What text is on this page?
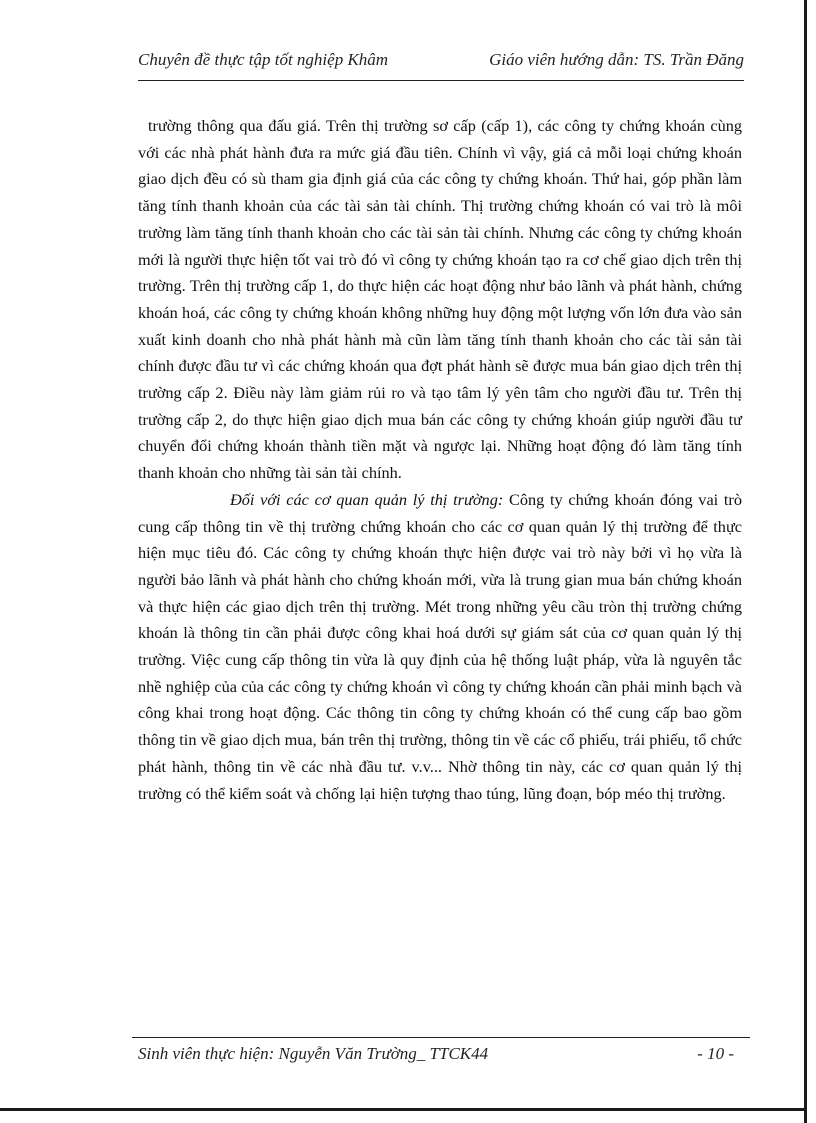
Chuyên đề thực tập tốt nghiệp Khâm	Giáo viên hướng dẫn: TS. Trần Đăng

trường thông qua đấu giá. Trên thị trường sơ cấp (cấp 1), các công ty chứng khoán cùng với các nhà phát hành đưa ra mức giá đầu tiên. Chính vì vậy, giá cả mỗi loại chứng khoán giao dịch đều có sù tham gia định giá của các công ty chứng khoán. Thứ hai, góp phần làm tăng tính thanh khoản của các tài sản tài chính. Thị trường chứng khoán có vai trò là môi trường làm tăng tính thanh khoản cho các tài sản tài chính. Nhưng các công ty chứng khoán mới là người thực hiện tốt vai trò đó vì công ty chứng khoán tạo ra cơ chế giao dịch trên thị trường. Trên thị trường cấp 1, do thực hiện các hoạt động như bảo lãnh và phát hành, chứng khoán hoá, các công ty chứng khoán không những huy động một lượng vốn lớn đưa vào sản xuất kinh doanh cho nhà phát hành mà cũn làm tăng tính thanh khoản cho các tài sản tài chính được đầu tư vì các chứng khoán qua đợt phát hành sẽ được mua bán giao dịch trên thị trường cấp 2. Điều này làm giảm rủi ro và tạo tâm lý yên tâm cho người đầu tư. Trên thị trường cấp 2, do thực hiện giao dịch mua bán các công ty chứng khoán giúp người đầu tư chuyển đổi chứng khoán thành tiền mặt và ngược lại. Những hoạt động đó làm tăng tính thanh khoản cho những tài sản tài chính.

Đối với các cơ quan quản lý thị trường: Công ty chứng khoán đóng vai trò cung cấp thông tin về thị trường chứng khoán cho các cơ quan quản lý thị trường để thực hiện mục tiêu đó. Các công ty chứng khoán thực hiện được vai trò này bởi vì họ vừa là người bảo lãnh và phát hành cho chứng khoán mới, vừa là trung gian mua bán chứng khoán và thực hiện các giao dịch trên thị trường. Mét trong những yêu cầu tròn thị trường chứng khoán là thông tin cần phải được công khai hoá dưới sự giám sát của cơ quan quản lý thị trường. Việc cung cấp thông tin vừa là quy định của hệ thống luật pháp, vừa là nguyên tắc nhề nghiệp của của các công ty chứng khoán vì công ty chứng khoán cần phải minh bạch và công khai trong hoạt động. Các thông tin công ty chứng khoán có thể cung cấp bao gồm thông tin về giao dịch mua, bán trên thị trường, thông tin về các cổ phiếu, trái phiếu, tổ chức phát hành, thông tin về các nhà đầu tư. v.v... Nhờ thông tin này, các cơ quan quản lý thị trường có thể kiểm soát và chống lại hiện tượng thao túng, lũng đoạn, bóp méo thị trường.

Sinh viên thực hiện: Nguyễn Văn Trường_ TTCK44	- 10 -
